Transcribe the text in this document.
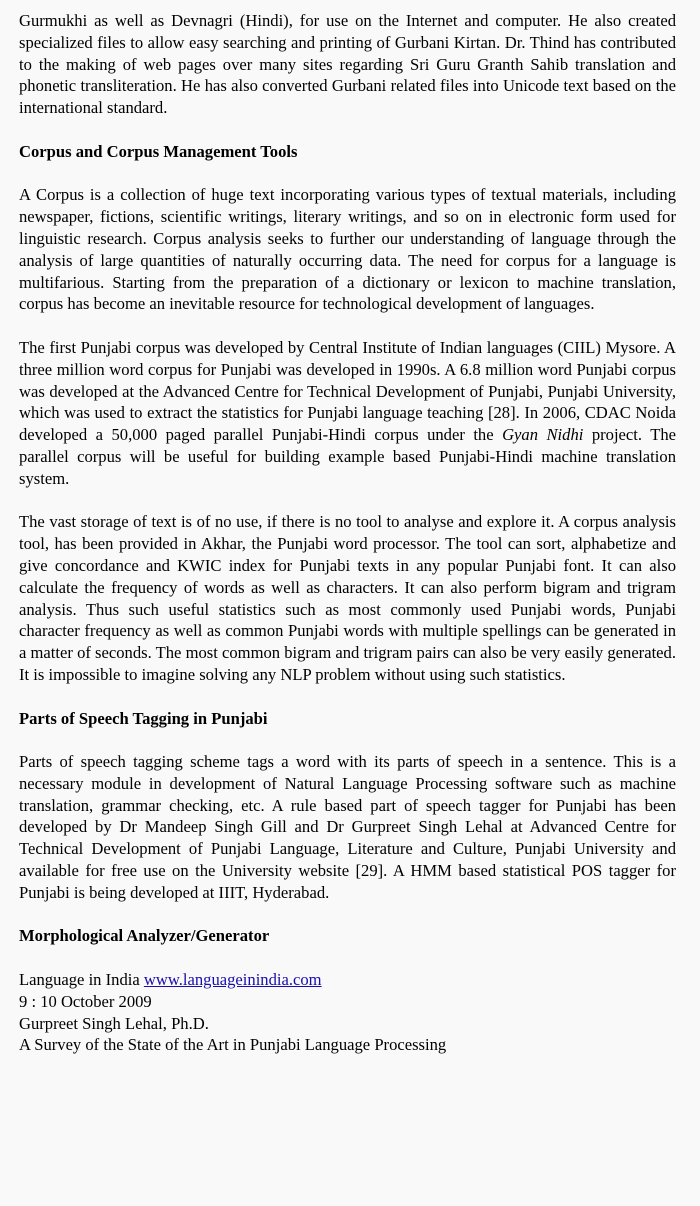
Gurmukhi as well as Devnagri (Hindi), for use on the Internet and computer. He also created specialized files to allow easy searching and printing of Gurbani Kirtan. Dr. Thind has contributed to the making of web pages over many sites regarding Sri Guru Granth Sahib translation and phonetic transliteration. He has also converted Gurbani related files into Unicode text based on the international standard.

Corpus and Corpus Management Tools

A Corpus is a collection of huge text incorporating various types of textual materials, including newspaper, fictions, scientific writings, literary writings, and so on in electronic form used for linguistic research. Corpus analysis seeks to further our understanding of language through the analysis of large quantities of naturally occurring data. The need for corpus for a language is multifarious. Starting from the preparation of a dictionary or lexicon to machine translation, corpus has become an inevitable resource for technological development of languages.

The first Punjabi corpus was developed by Central Institute of Indian languages (CIIL) Mysore. A three million word corpus for Punjabi was developed in 1990s. A 6.8 million word Punjabi corpus was developed at the Advanced Centre for Technical Development of Punjabi, Punjabi University, which was used to extract the statistics for Punjabi language teaching [28]. In 2006, CDAC Noida developed a 50,000 paged parallel Punjabi-Hindi corpus under the Gyan Nidhi project. The parallel corpus will be useful for building example based Punjabi-Hindi machine translation system.

The vast storage of text is of no use, if there is no tool to analyse and explore it. A corpus analysis tool, has been provided in Akhar, the Punjabi word processor. The tool can sort, alphabetize and give concordance and KWIC index for Punjabi texts in any popular Punjabi font. It can also calculate the frequency of words as well as characters. It can also perform bigram and trigram analysis. Thus such useful statistics such as most commonly used Punjabi words, Punjabi character frequency as well as common Punjabi words with multiple spellings can be generated in a matter of seconds. The most common bigram and trigram pairs can also be very easily generated. It is impossible to imagine solving any NLP problem without using such statistics.

Parts of Speech Tagging in Punjabi

Parts of speech tagging scheme tags a word with its parts of speech in a sentence. This is a necessary module in development of Natural Language Processing software such as machine translation, grammar checking, etc. A rule based part of speech tagger for Punjabi has been developed by Dr Mandeep Singh Gill and Dr Gurpreet Singh Lehal at Advanced Centre for Technical Development of Punjabi Language, Literature and Culture, Punjabi University and available for free use on the University website [29]. A HMM based statistical POS tagger for Punjabi is being developed at IIIT, Hyderabad.

Morphological Analyzer/Generator
Language in India www.languageinindia.com
9 : 10 October 2009
Gurpreet Singh Lehal, Ph.D.
A Survey of the State of the Art in Punjabi Language Processing
